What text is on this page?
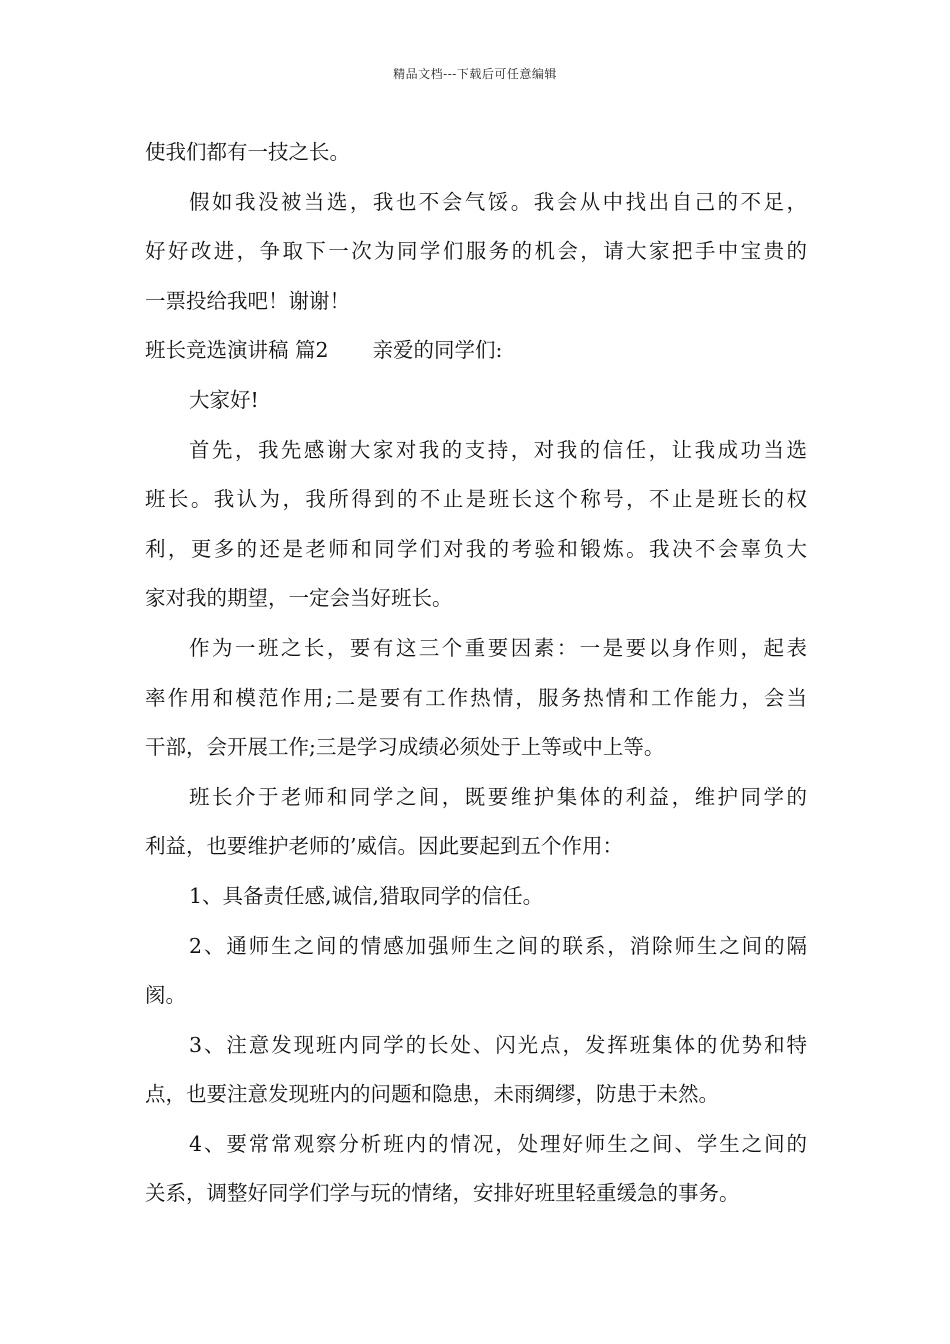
精品文档---下载后可任意编辑
使我们都有一技之长。
假如我没被当选，我也不会气馁。我会从中找出自己的不足，
好好改进，争取下一次为同学们服务的机会，请大家把手中宝贵的
一票投给我吧！谢谢！
班长竞选演讲稿 篇2 亲爱的同学们:
大家好!
首先，我先感谢大家对我的支持，对我的信任，让我成功当选
班长。我认为，我所得到的不止是班长这个称号，不止是班长的权
利，更多的还是老师和同学们对我的考验和锻炼。我决不会辜负大
家对我的期望，一定会当好班长。
作为一班之长，要有这三个重要因素：一是要以身作则，起表
率作用和模范作用;二是要有工作热情，服务热情和工作能力，会当
干部，会开展工作;三是学习成绩必须处于上等或中上等。
班长介于老师和同学之间，既要维护集体的利益，维护同学的
利益，也要维护老师的’威信。因此要起到五个作用：
1、具备责任感,诚信,猎取同学的信任。
2、通师生之间的情感加强师生之间的联系，消除师生之间的隔
阂。
3、注意发现班内同学的长处、闪光点，发挥班集体的优势和特
点，也要注意发现班内的问题和隐患，未雨绸缪，防患于未然。
4、要常常观察分析班内的情况，处理好师生之间、学生之间的
关系，调整好同学们学与玩的情绪，安排好班里轻重缓急的事务。
